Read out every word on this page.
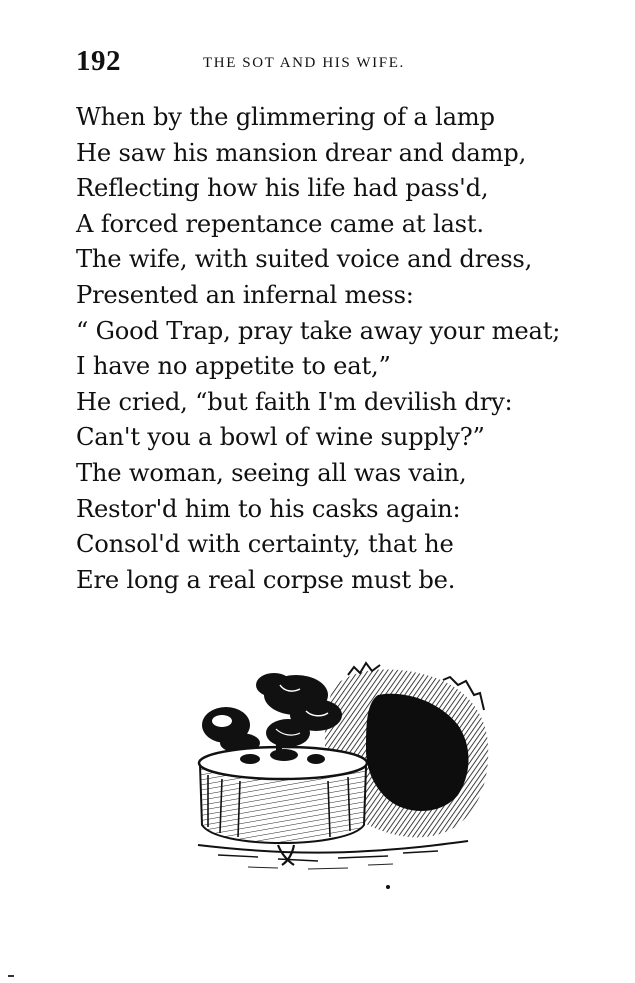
192	THE SOT AND HIS WIFE.
When by the glimmering of a lamp
He saw his mansion drear and damp,
Reflecting how his life had pass'd,
A forced repentance came at last.
The wife, with suited voice and dress,
Presented an infernal mess:
“ Good Trap, pray take away your meat;
I have no appetite to eat,”
He cried, “but faith I'm devilish dry:
Can't you a bowl of wine supply?”
The woman, seeing all was vain,
Restor'd him to his casks again:
Consol'd with certainty, that he
Ere long a real corpse must be.
